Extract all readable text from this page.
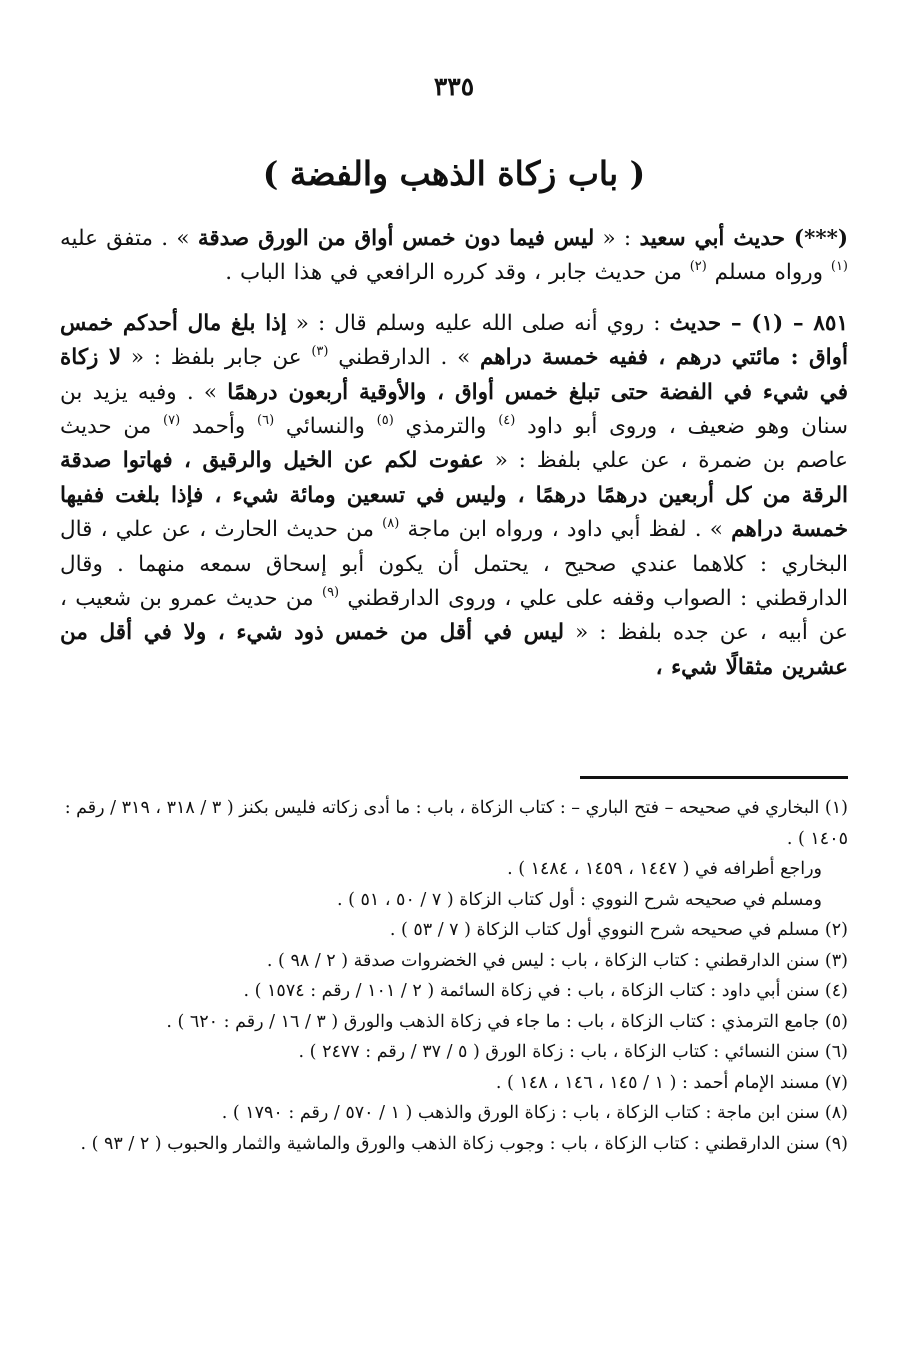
٣٣٥
( باب زكاة الذهب والفضة )

(***) حديث أبي سعيد : « ليس فيما دون خمس أواق من الورق صدقة » . متفق عليه $^{(١)}$ ورواه مسلم $^{(٢)}$ من حديث جابر ، وقد كرره الرافعي في هذا الباب .

٨٥١ – (١) – حديث : روي أنه صلى الله عليه وسلم قال : « إذا بلغ مال أحدكم خمس أواق : مائتي درهم ، ففيه خمسة دراهم » . الدارقطني $^{(٣)}$ عن جابر بلفظ : « لا زكاة في شيء في الفضة حتى تبلغ خمس أواق ، والأوقية أربعون درهمًا » . وفيه يزيد بن سنان وهو ضعيف ، وروى أبو داود $^{(٤)}$ والترمذي $^{(٥)}$ والنسائي $^{(٦)}$ وأحمد $^{(٧)}$ من حديث عاصم بن ضمرة ، عن علي بلفظ : « عفوت لكم عن الخيل والرقيق ، فهاتوا صدقة الرقة من كل أربعين درهمًا درهمًا ، وليس في تسعين ومائة شيء ، فإذا بلغت ففيها خمسة دراهم » . لفظ أبي داود ، ورواه ابن ماجة $^{(٨)}$ من حديث الحارث ، عن علي ، قال البخاري : كلاهما عندي صحيح ، يحتمل أن يكون أبو إسحاق سمعه منهما . وقال الدارقطني : الصواب وقفه على علي ، وروى الدارقطني $^{(٩)}$ من حديث عمرو بن شعيب ، عن أبيه ، عن جده بلفظ : « ليس في أقل من خمس ذود شيء ، ولا في أقل من عشرين مثقالًا شيء ،

(١) البخاري في صحيحه – فتح الباري – : كتاب الزكاة ، باب : ما أدى زكاته فليس بكنز ( ٣ / ٣١٨ ، ٣١٩ / رقم : ١٤٠٥ ) .

وراجع أطرافه في ( ١٤٤٧ ، ١٤٥٩ ، ١٤٨٤ ) .

ومسلم في صحيحه شرح النووي : أول كتاب الزكاة ( ٧ / ٥٠ ، ٥١ ) .

(٢) مسلم في صحيحه شرح النووي أول كتاب الزكاة ( ٧ / ٥٣ ) .

(٣) سنن الدارقطني : كتاب الزكاة ، باب : ليس في الخضروات صدقة ( ٢ / ٩٨ ) .

(٤) سنن أبي داود : كتاب الزكاة ، باب : في زكاة السائمة ( ٢ / ١٠١ / رقم : ١٥٧٤ ) .

(٥) جامع الترمذي : كتاب الزكاة ، باب : ما جاء في زكاة الذهب والورق ( ٣ / ١٦ / رقم : ٦٢٠ ) .

(٦) سنن النسائي : كتاب الزكاة ، باب : زكاة الورق ( ٥ / ٣٧ / رقم : ٢٤٧٧ ) .

(٧) مسند الإمام أحمد : ( ١ / ١٤٥ ، ١٤٦ ، ١٤٨ ) .

(٨) سنن ابن ماجة : كتاب الزكاة ، باب : زكاة الورق والذهب ( ١ / ٥٧٠ / رقم : ١٧٩٠ ) .

(٩) سنن الدارقطني : كتاب الزكاة ، باب : وجوب زكاة الذهب والورق والماشية والثمار والحبوب ( ٢ / ٩٣ ) .
